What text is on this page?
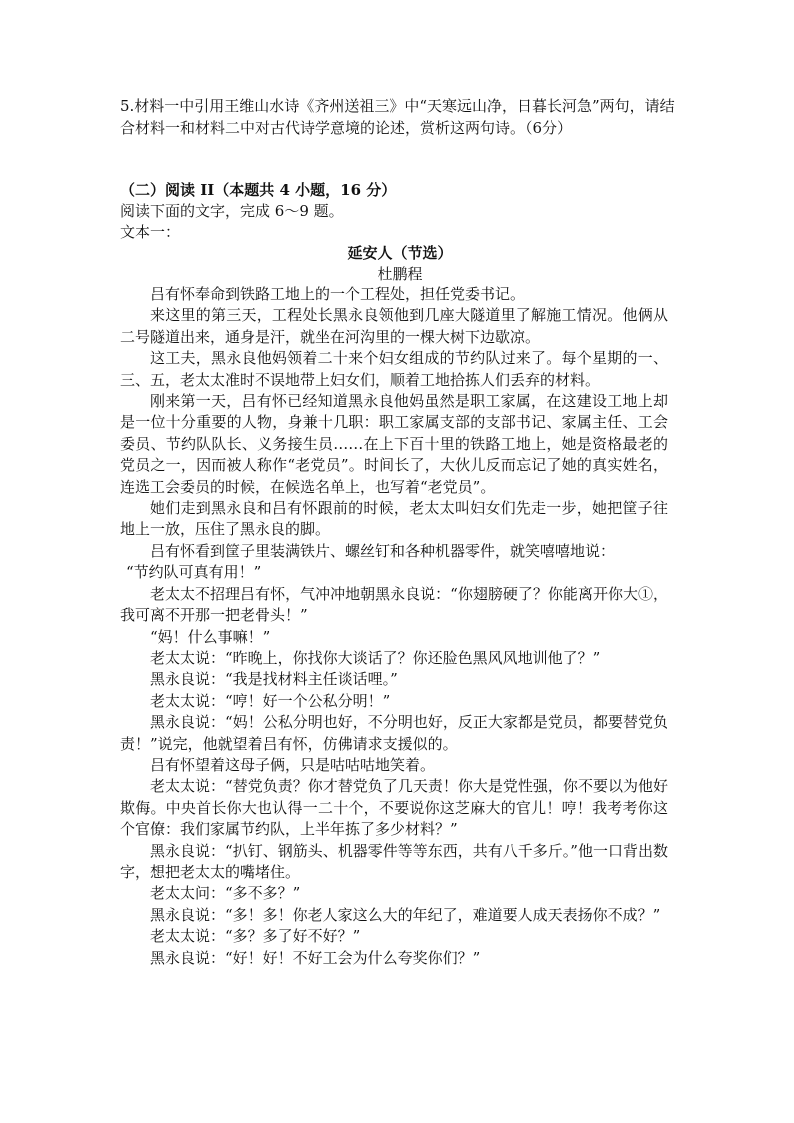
5.材料一中引用王维山水诗《齐州送祖三》中“天寒远山净，日暮长河急”两句，请结合材料一和材料二中对古代诗学意境的论述，赏析这两句诗。（6分）
（二）阅读 II（本题共 4 小题，16 分）
阅读下面的文字，完成 6～9 题。
文本一：
延安人（节选）
杜鹏程

吕有怀奉命到铁路工地上的一个工程处，担任党委书记。

来这里的第三天，工程处长黑永良领他到几座大隧道里了解施工情况。他俩从二号隧道出来，通身是汗，就坐在河沟里的一棵大树下边歇凉。

这工夫，黑永良他妈领着二十来个妇女组成的节约队过来了。每个星期的一、三、五，老太太准时不误地带上妇女们，顺着工地拾拣人们丢弃的材料。

刚来第一天，吕有怀已经知道黑永良他妈虽然是职工家属，在这建设工地上却是一位十分重要的人物，身兼十几职：职工家属支部的支部书记、家属主任、工会委员、节约队队长、义务接生员……在上下百十里的铁路工地上，她是资格最老的党员之一，因而被人称作“老党员”。时间长了，大伙儿反而忘记了她的真实姓名，连选工会委员的时候，在候选名单上，也写着“老党员”。

她们走到黑永良和吕有怀跟前的时候，老太太叫妇女们先走一步，她把筐子往地上一放，压住了黑永良的脚。

吕有怀看到筐子里装满铁片、螺丝钉和各种机器零件，就笑嘻嘻地说：

“节约队可真有用！”

老太太不招理吕有怀，气冲冲地朝黑永良说：“你翅膀硬了？你能离开你大①，我可离不开那一把老骨头！”

“妈！什么事嘛！”

老太太说：“昨晚上，你找你大谈话了？你还脸色黑风风地训他了？”

黑永良说：“我是找材料主任谈话哩。”

老太太说：“哼！好一个公私分明！”

黑永良说：“妈！公私分明也好，不分明也好，反正大家都是党员，都要替党负责！”说完，他就望着吕有怀，仿佛请求支援似的。

吕有怀望着这母子俩，只是咕咕咕地笑着。

老太太说：“替党负责？你才替党负了几天责！你大是党性强，你不要以为他好欺侮。中央首长你大也认得一二十个，不要说你这芝麻大的官儿！哼！我考考你这个官僚：我们家属节约队，上半年拣了多少材料？”

黑永良说：“扒钉、钢筋头、机器零件等等东西，共有八千多斤。”他一口背出数字，想把老太太的嘴堵住。

老太太问：“多不多？”

黑永良说：“多！多！你老人家这么大的年纪了，难道要人成天表扬你不成？”

老太太说：“多？多了好不好？”

黑永良说：“好！好！不好工会为什么夸奖你们？”
